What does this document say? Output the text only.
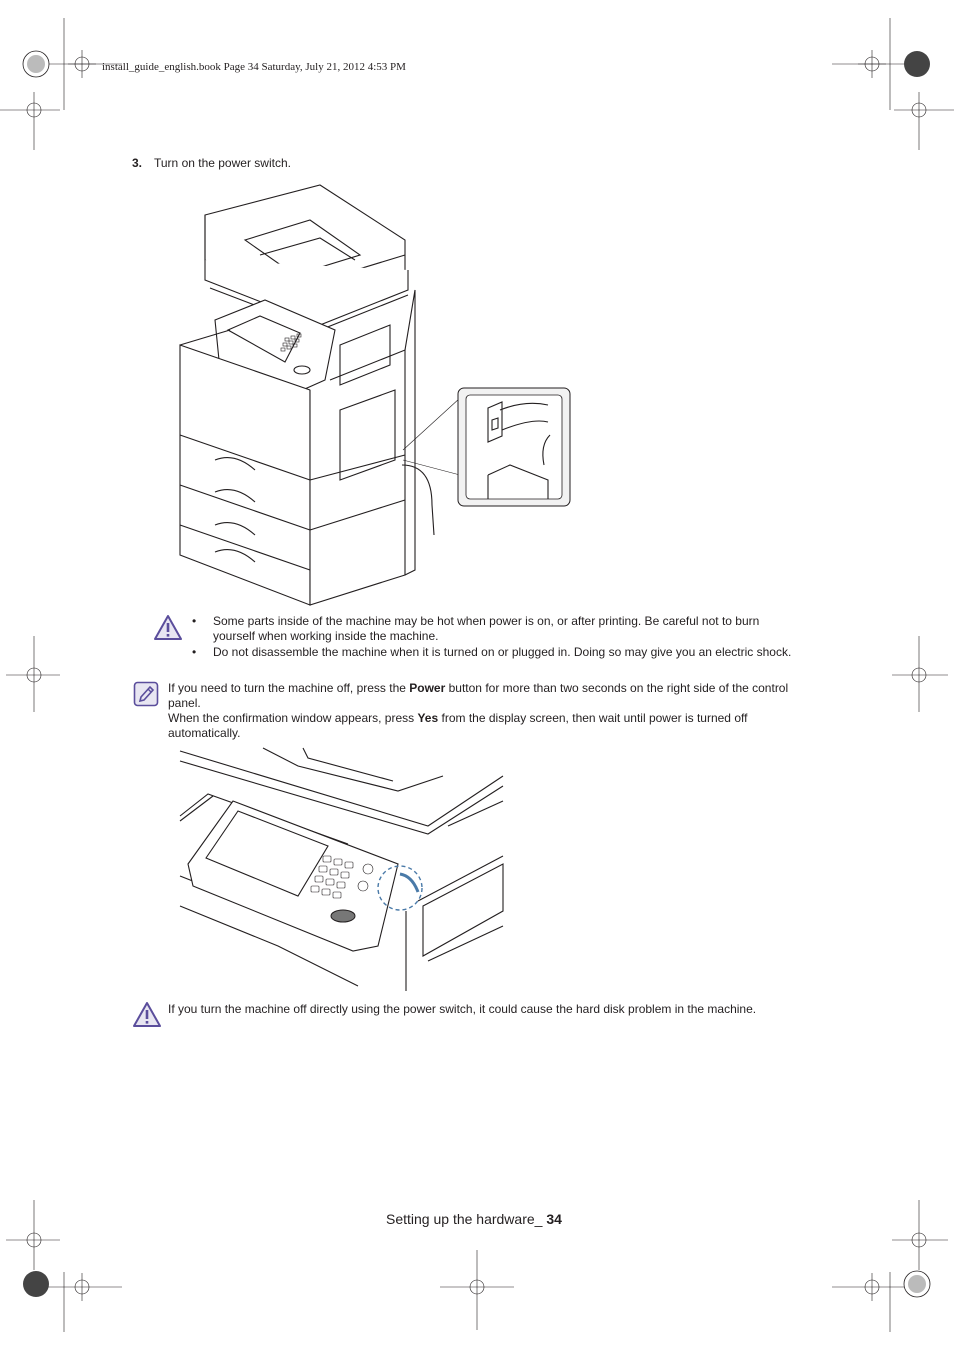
install_guide_english.book Page 34 Saturday, July 21, 2012 4:53 PM
3. Turn on the power switch.
• Some parts inside of the machine may be hot when power is on, or after printing. Be careful not to burn yourself when working inside the machine.
• Do not disassemble the machine when it is turned on or plugged in. Doing so may give you an electric shock.

If you need to turn the machine off, press the Power button for more than two seconds on the right side of the control panel.

When the confirmation window appears, press Yes from the display screen, then wait until power is turned off automatically.

If you turn the machine off directly using the power switch, it could cause the hard disk problem in the machine.
Setting up the hardware_ 34
